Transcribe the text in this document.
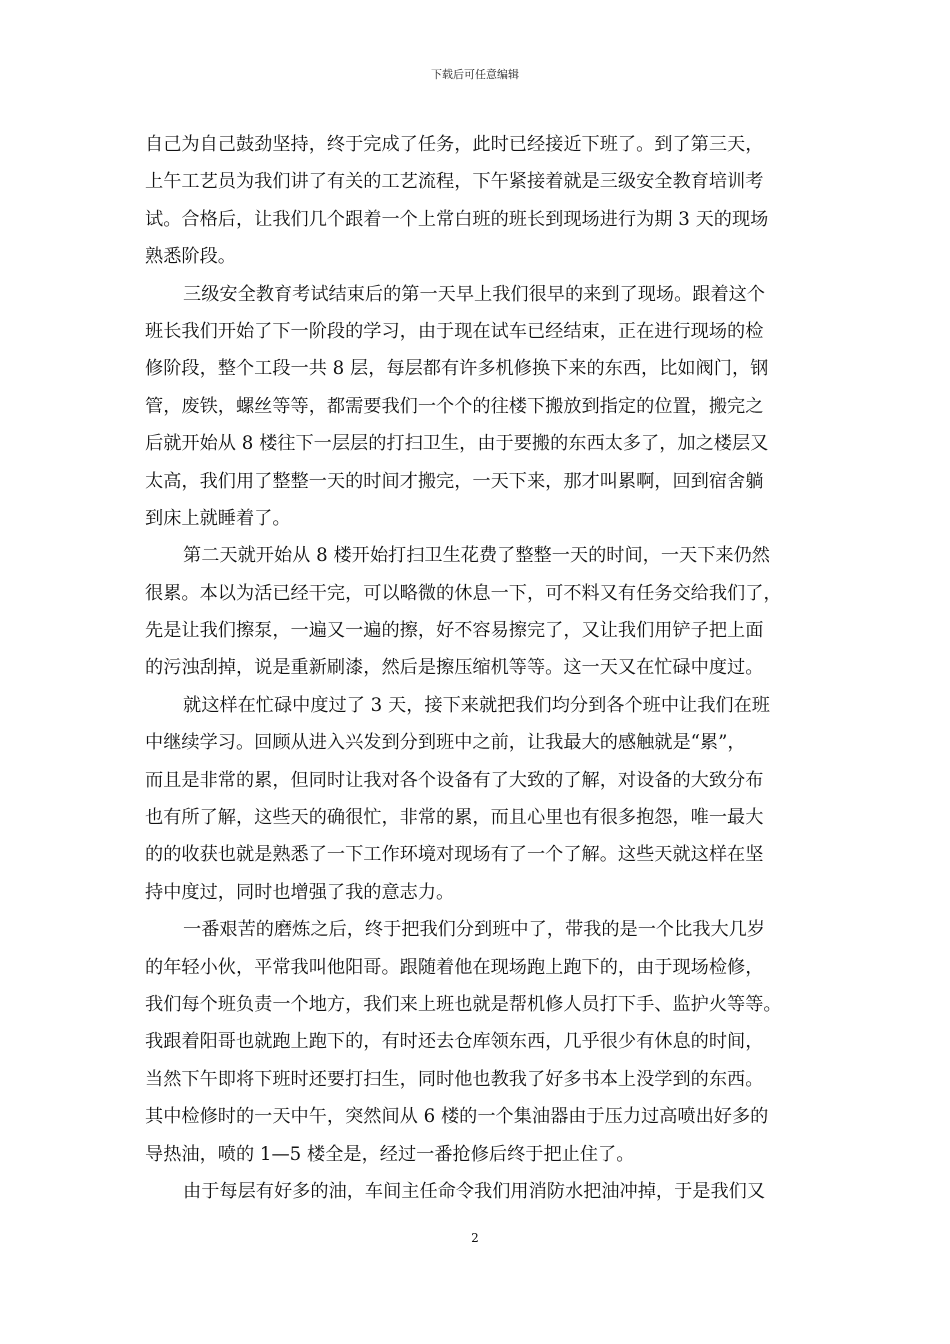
下载后可任意编辑
自己为自己鼓劲坚持，终于完成了任务，此时已经接近下班了。到了第三天，
上午工艺员为我们讲了有关的工艺流程，下午紧接着就是三级安全教育培训考
试。合格后，让我们几个跟着一个上常白班的班长到现场进行为期 3 天的现场
熟悉阶段。
三级安全教育考试结束后的第一天早上我们很早的来到了现场。跟着这个
班长我们开始了下一阶段的学习，由于现在试车已经结束，正在进行现场的检
修阶段，整个工段一共 8 层，每层都有许多机修换下来的东西，比如阀门，钢
管，废铁，螺丝等等，都需要我们一个个的往楼下搬放到指定的位置，搬完之
后就开始从 8 楼往下一层层的打扫卫生，由于要搬的东西太多了，加之楼层又
太高，我们用了整整一天的时间才搬完，一天下来，那才叫累啊，回到宿舍躺
到床上就睡着了。
第二天就开始从 8 楼开始打扫卫生花费了整整一天的时间，一天下来仍然
很累。本以为活已经干完，可以略微的休息一下，可不料又有任务交给我们了，
先是让我们擦泵，一遍又一遍的擦，好不容易擦完了，又让我们用铲子把上面
的污浊刮掉，说是重新刷漆，然后是擦压缩机等等。这一天又在忙碌中度过。
就这样在忙碌中度过了 3 天，接下来就把我们均分到各个班中让我们在班
中继续学习。回顾从进入兴发到分到班中之前，让我最大的感触就是“累”，
而且是非常的累，但同时让我对各个设备有了大致的了解，对设备的大致分布
也有所了解，这些天的确很忙，非常的累，而且心里也有很多抱怨，唯一最大
的的收获也就是熟悉了一下工作环境对现场有了一个了解。这些天就这样在坚
持中度过，同时也增强了我的意志力。
一番艰苦的磨炼之后，终于把我们分到班中了，带我的是一个比我大几岁
的年轻小伙，平常我叫他阳哥。跟随着他在现场跑上跑下的，由于现场检修，
我们每个班负责一个地方，我们来上班也就是帮机修人员打下手、监护火等等。
我跟着阳哥也就跑上跑下的，有时还去仓库领东西，几乎很少有休息的时间，
当然下午即将下班时还要打扫生，同时他也教我了好多书本上没学到的东西。
其中检修时的一天中午，突然间从 6 楼的一个集油器由于压力过高喷出好多的
导热油，喷的 1—5 楼全是，经过一番抢修后终于把止住了。
由于每层有好多的油，车间主任命令我们用消防水把油冲掉，于是我们又
2
